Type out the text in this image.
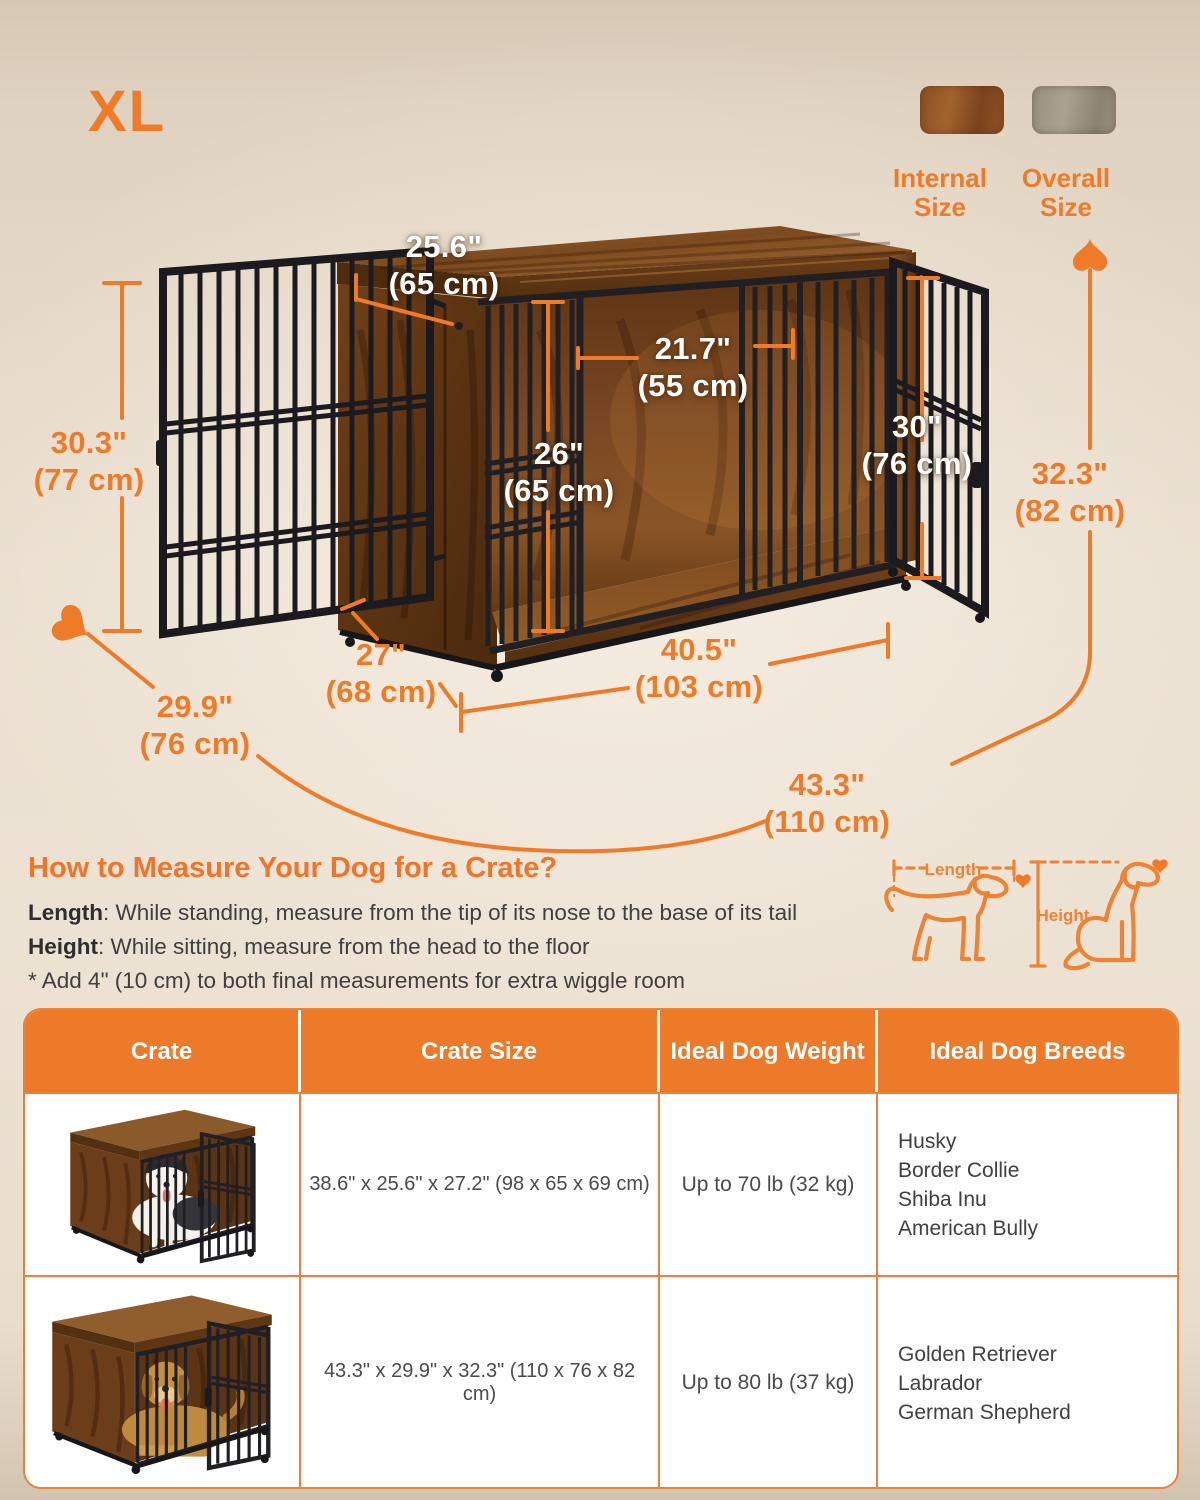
XL
Internal Size
Overall Size
25.6"
(65 cm)
21.7"
(55 cm)
26"
(65 cm)
30"
(76 cm)
30.3"
(77 cm)	32.3"
(82 cm)
27"
(68 cm)
40.5"
(103 cm)
29.9"
(76 cm)
43.3"
(110 cm)
How to Measure Your Dog for a Crate?
Length: While standing, measure from the tip of its nose to the base of its tail
Height: While sitting, measure from the head to the floor
* Add 4" (10 cm) to both final measurements for extra wiggle room
Length
Height
Crate	Crate Size	Ideal Dog Weight	Ideal Dog Breeds
38.6" x 25.6" x 27.2" (98 x 65 x 69 cm)	Up to 70 lb (32 kg)
Husky
Border Collie
Shiba Inu
American Bully
43.3" x 29.9" x 32.3" (110 x 76 x 82 cm)	Up to 80 lb (37 kg)
Golden Retriever
Labrador
German Shepherd
